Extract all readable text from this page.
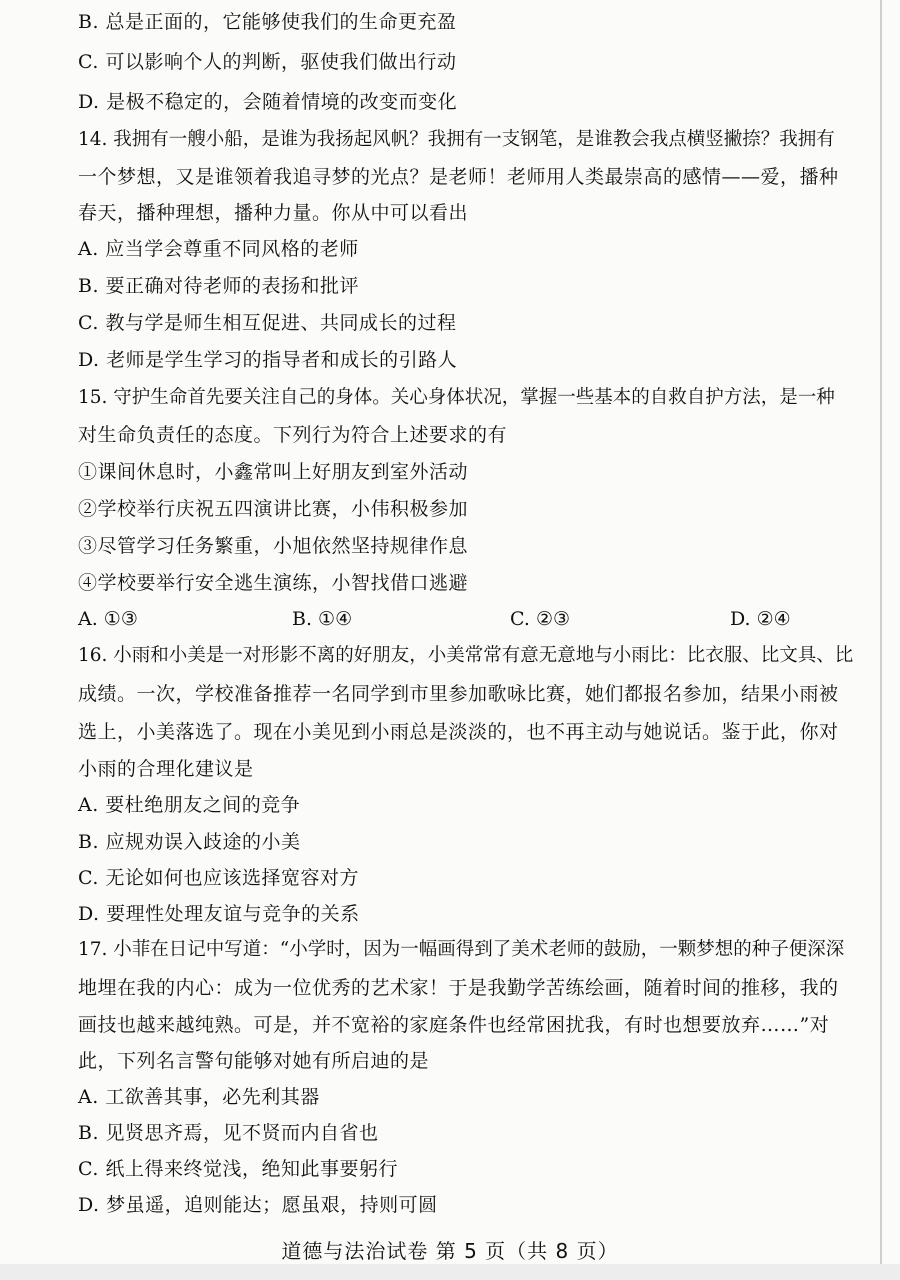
B. 总是正面的，它能够使我们的生命更充盈
C. 可以影响个人的判断，驱使我们做出行动
D. 是极不稳定的，会随着情境的改变而变化
14. 我拥有一艘小船，是谁为我扬起风帆？我拥有一支钢笔，是谁教会我点横竖撇捺？我拥有
一个梦想，又是谁领着我追寻梦的光点？是老师！老师用人类最崇高的感情——爱，播种
春天，播种理想，播种力量。你从中可以看出
A. 应当学会尊重不同风格的老师
B. 要正确对待老师的表扬和批评
C. 教与学是师生相互促进、共同成长的过程
D. 老师是学生学习的指导者和成长的引路人
15. 守护生命首先要关注自己的身体。关心身体状况，掌握一些基本的自救自护方法，是一种
对生命负责任的态度。下列行为符合上述要求的有
①课间休息时，小鑫常叫上好朋友到室外活动
②学校举行庆祝五四演讲比赛，小伟积极参加
③尽管学习任务繁重，小旭依然坚持规律作息
④学校要举行安全逃生演练，小智找借口逃避
A. ①③	B. ①④	C. ②③	D. ②④
16. 小雨和小美是一对形影不离的好朋友，小美常常有意无意地与小雨比：比衣服、比文具、比
成绩。一次，学校准备推荐一名同学到市里参加歌咏比赛，她们都报名参加，结果小雨被
选上，小美落选了。现在小美见到小雨总是淡淡的，也不再主动与她说话。鉴于此，你对
小雨的合理化建议是
A. 要杜绝朋友之间的竞争
B. 应规劝误入歧途的小美
C. 无论如何也应该选择宽容对方
D. 要理性处理友谊与竞争的关系
17. 小菲在日记中写道：“小学时，因为一幅画得到了美术老师的鼓励，一颗梦想的种子便深深
地埋在我的内心：成为一位优秀的艺术家！于是我勤学苦练绘画，随着时间的推移，我的
画技也越来越纯熟。可是，并不宽裕的家庭条件也经常困扰我，有时也想要放弃……”对
此，下列名言警句能够对她有所启迪的是
A. 工欲善其事，必先利其器
B. 见贤思齐焉，见不贤而内自省也
C. 纸上得来终觉浅，绝知此事要躬行
D. 梦虽遥，追则能达；愿虽艰，持则可圆
道德与法治试卷 第 5 页（共 8 页）
